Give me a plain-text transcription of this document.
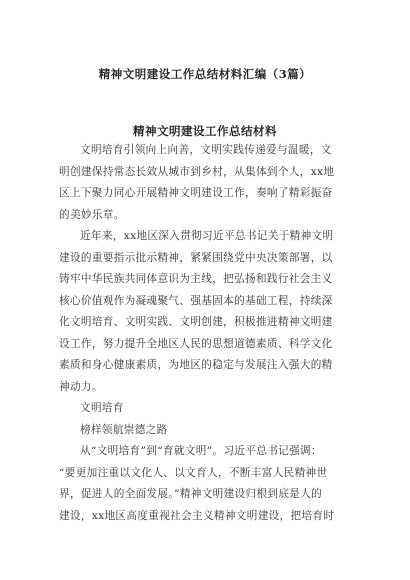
精神文明建设工作总结材料汇编（3篇）
精神文明建设工作总结材料
文明培育引领向上向善，文明实践传递爱与温暖，文
明创建保持常态长效从城市到乡村，从集体到个人，xx地
区上下聚力同心开展精神文明建设工作，奏响了精彩振奋
的美妙乐章。
近年来，xx地区深入贯彻习近平总书记关于精神文明
建设的重要指示批示精神，紧紧围绕党中央决策部署，以
铸牢中华民族共同体意识为主线，把弘扬和践行社会主义
核心价值观作为凝魂聚气、强基固本的基础工程，持续深
化文明培育、文明实践、文明创建，积极推进精神文明建
设工作，努力提升全地区人民的思想道德素质、科学文化
素质和身心健康素质，为地区的稳定与发展注入强大的精
神动力。
文明培育
榜样领航崇德之路
从“文明培育”到“育就文明”。习近平总书记强调：
“要更加注重以文化人、以文育人，不断丰富人民精神世
界，促进人的全面发展。”精神文明建设归根到底是人的
建设，xx地区高度重视社会主义精神文明建设，把培育时
